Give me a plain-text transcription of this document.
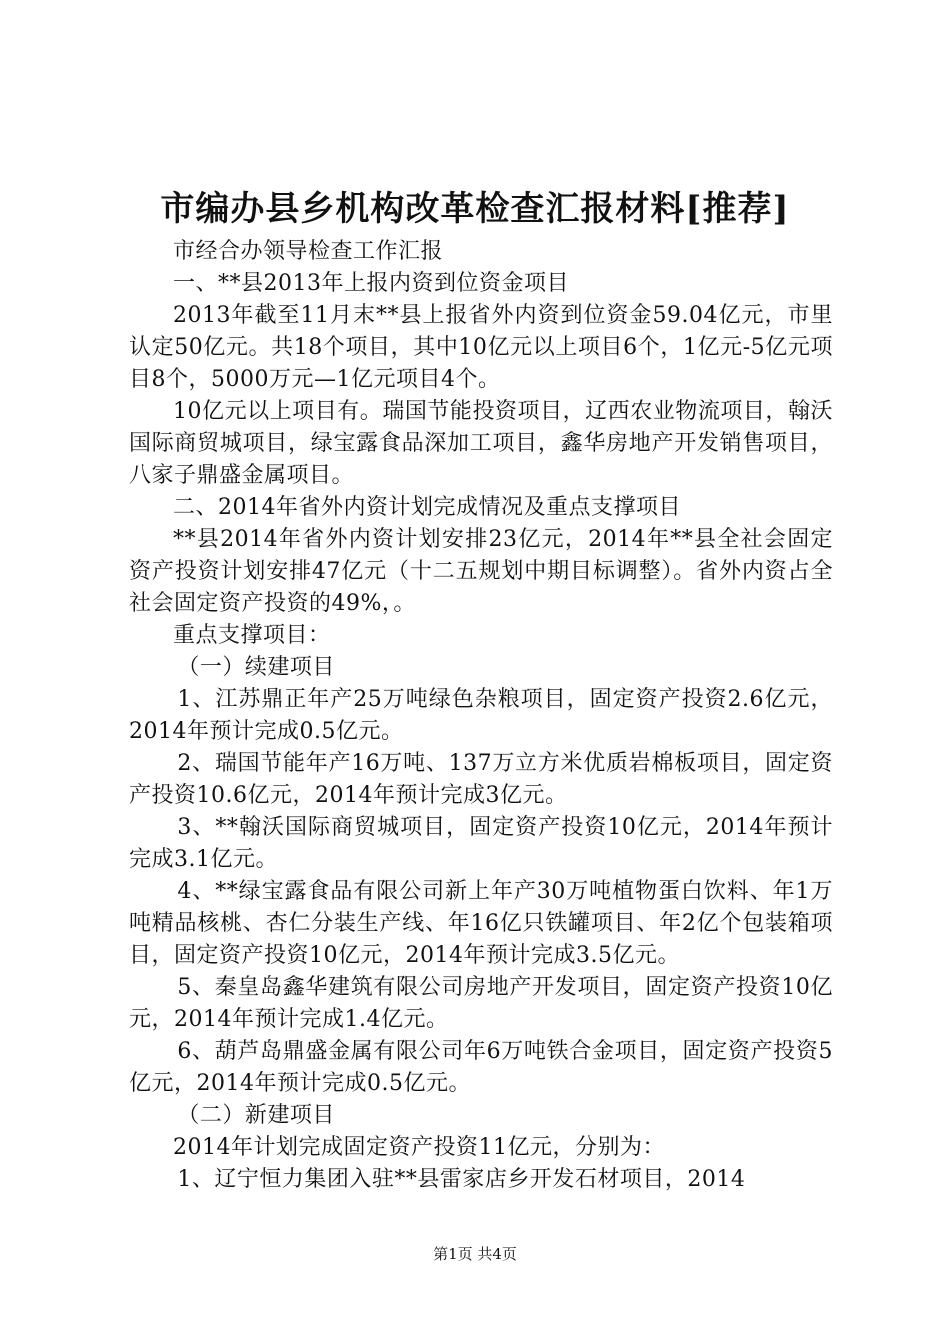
市编办县乡机构改革检查汇报材料[推荐]

市经合办领导检查工作汇报

一、**县2013年上报内资到位资金项目

2013年截至11月末**县上报省外内资到位资金59.04亿元，市里认定50亿元。共18个项目，其中10亿元以上项目6个，1亿元-5亿元项目8个，5000万元—1亿元项目4个。

10亿元以上项目有。瑞国节能投资项目，辽西农业物流项目，翰沃国际商贸城项目，绿宝露食品深加工项目，鑫华房地产开发销售项目，八家子鼎盛金属项目。

二、2014年省外内资计划完成情况及重点支撑项目

**县2014年省外内资计划安排23亿元，2014年**县全社会固定资产投资计划安排47亿元（十二五规划中期目标调整）。省外内资占全社会固定资产投资的49%，。

重点支撑项目：

（一）续建项目

1、江苏鼎正年产25万吨绿色杂粮项目，固定资产投资2.6亿元，2014年预计完成0.5亿元。

2、瑞国节能年产16万吨、137万立方米优质岩棉板项目，固定资产投资10.6亿元，2014年预计完成3亿元。

3、**翰沃国际商贸城项目，固定资产投资10亿元，2014年预计完成3.1亿元。

4、**绿宝露食品有限公司新上年产30万吨植物蛋白饮料、年1万吨精品核桃、杏仁分装生产线、年16亿只铁罐项目、年2亿个包装箱项目，固定资产投资10亿元，2014年预计完成3.5亿元。

5、秦皇岛鑫华建筑有限公司房地产开发项目，固定资产投资10亿元，2014年预计完成1.4亿元。

6、葫芦岛鼎盛金属有限公司年6万吨铁合金项目，固定资产投资5亿元，2014年预计完成0.5亿元。

（二）新建项目

2014年计划完成固定资产投资11亿元，分别为：

1、辽宁恒力集团入驻**县雷家店乡开发石材项目，2014

第1页 共4页
